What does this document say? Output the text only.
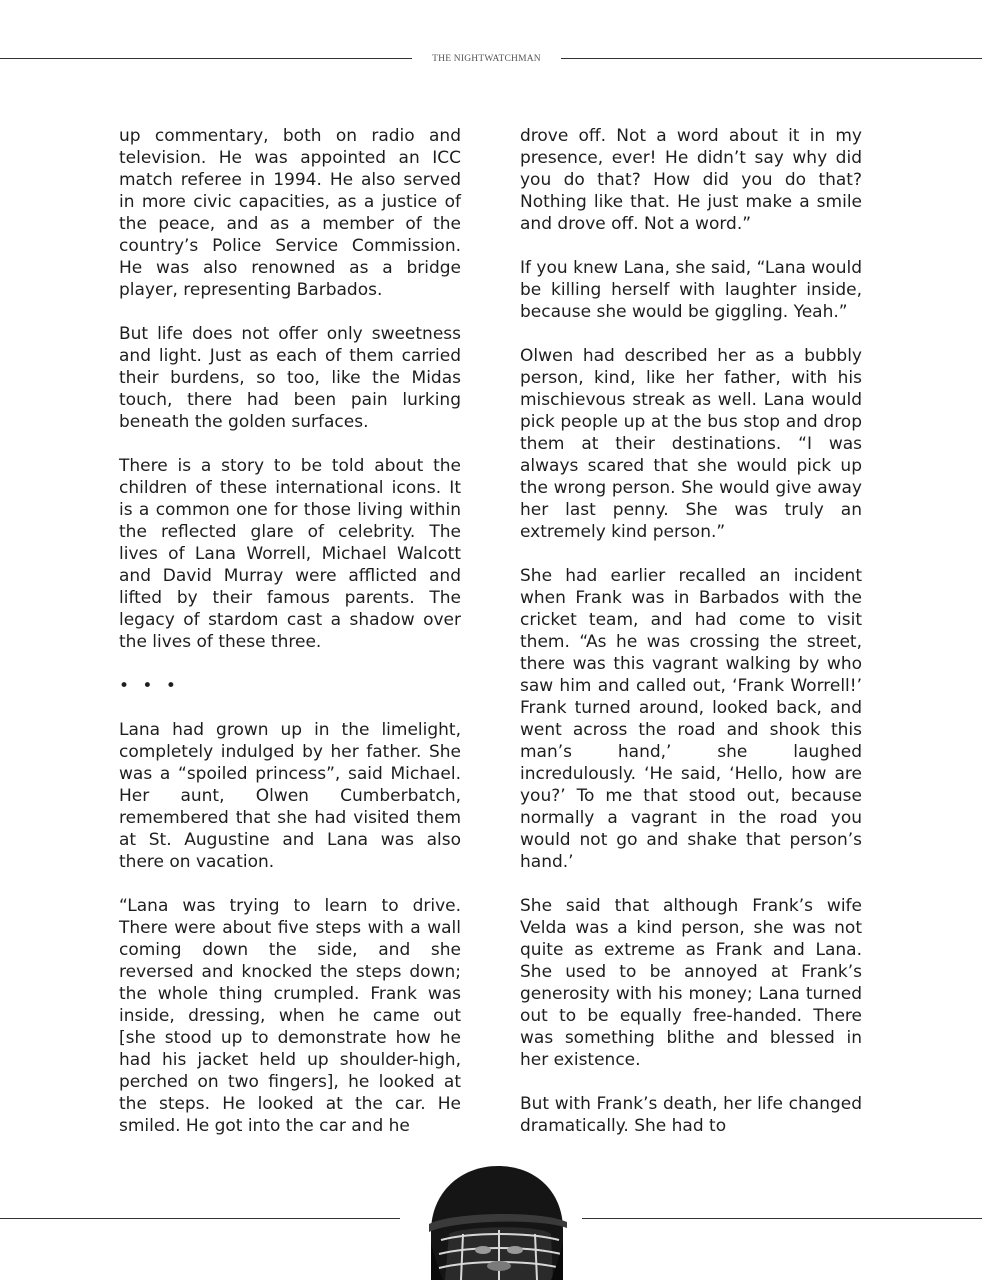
THE NIGHTWATCHMAN

up commentary, both on radio and television. He was appointed an ICC match referee in 1994. He also served in more civic capacities, as a justice of the peace, and as a member of the country’s Police Service Commission. He was also renowned as a bridge player, representing Barbados.

But life does not offer only sweetness and light. Just as each of them carried their burdens, so too, like the Midas touch, there had been pain lurking beneath the golden surfaces.

There is a story to be told about the children of these international icons. It is a common one for those living within the reflected glare of celebrity. The lives of Lana Worrell, Michael Walcott and David Murray were afflicted and lifted by their famous parents. The legacy of stardom cast a shadow over the lives of these three.

• • •

Lana had grown up in the limelight, completely indulged by her father. She was a “spoiled princess”, said Michael. Her aunt, Olwen Cumberbatch, remembered that she had visited them at St. Augustine and Lana was also there on vacation.

“Lana was trying to learn to drive. There were about five steps with a wall coming down the side, and she reversed and knocked the steps down; the whole thing crumpled. Frank was inside, dressing, when he came out [she stood up to demonstrate how he had his jacket held up shoulder-high, perched on two fingers], he looked at the steps. He looked at the car. He smiled. He got into the car and he

drove off. Not a word about it in my presence, ever! He didn’t say why did you do that? How did you do that? Nothing like that. He just make a smile and drove off. Not a word.”

If you knew Lana, she said, “Lana would be killing herself with laughter inside, because she would be giggling. Yeah.”

Olwen had described her as a bubbly person, kind, like her father, with his mischievous streak as well. Lana would pick people up at the bus stop and drop them at their destinations. “I was always scared that she would pick up the wrong person. She would give away her last penny. She was truly an extremely kind person.”

She had earlier recalled an incident when Frank was in Barbados with the cricket team, and had come to visit them. “As he was crossing the street, there was this vagrant walking by who saw him and called out, ‘Frank Worrell!’ Frank turned around, looked back, and went across the road and shook this man’s hand,’ she laughed incredulously. ‘He said, ‘Hello, how are you?’ To me that stood out, because normally a vagrant in the road you would not go and shake that person’s hand.’

She said that although Frank’s wife Velda was a kind person, she was not quite as extreme as Frank and Lana. She used to be annoyed at Frank’s generosity with his money; Lana turned out to be equally free-handed. There was something blithe and blessed in her existence.

But with Frank’s death, her life changed dramatically. She had to
